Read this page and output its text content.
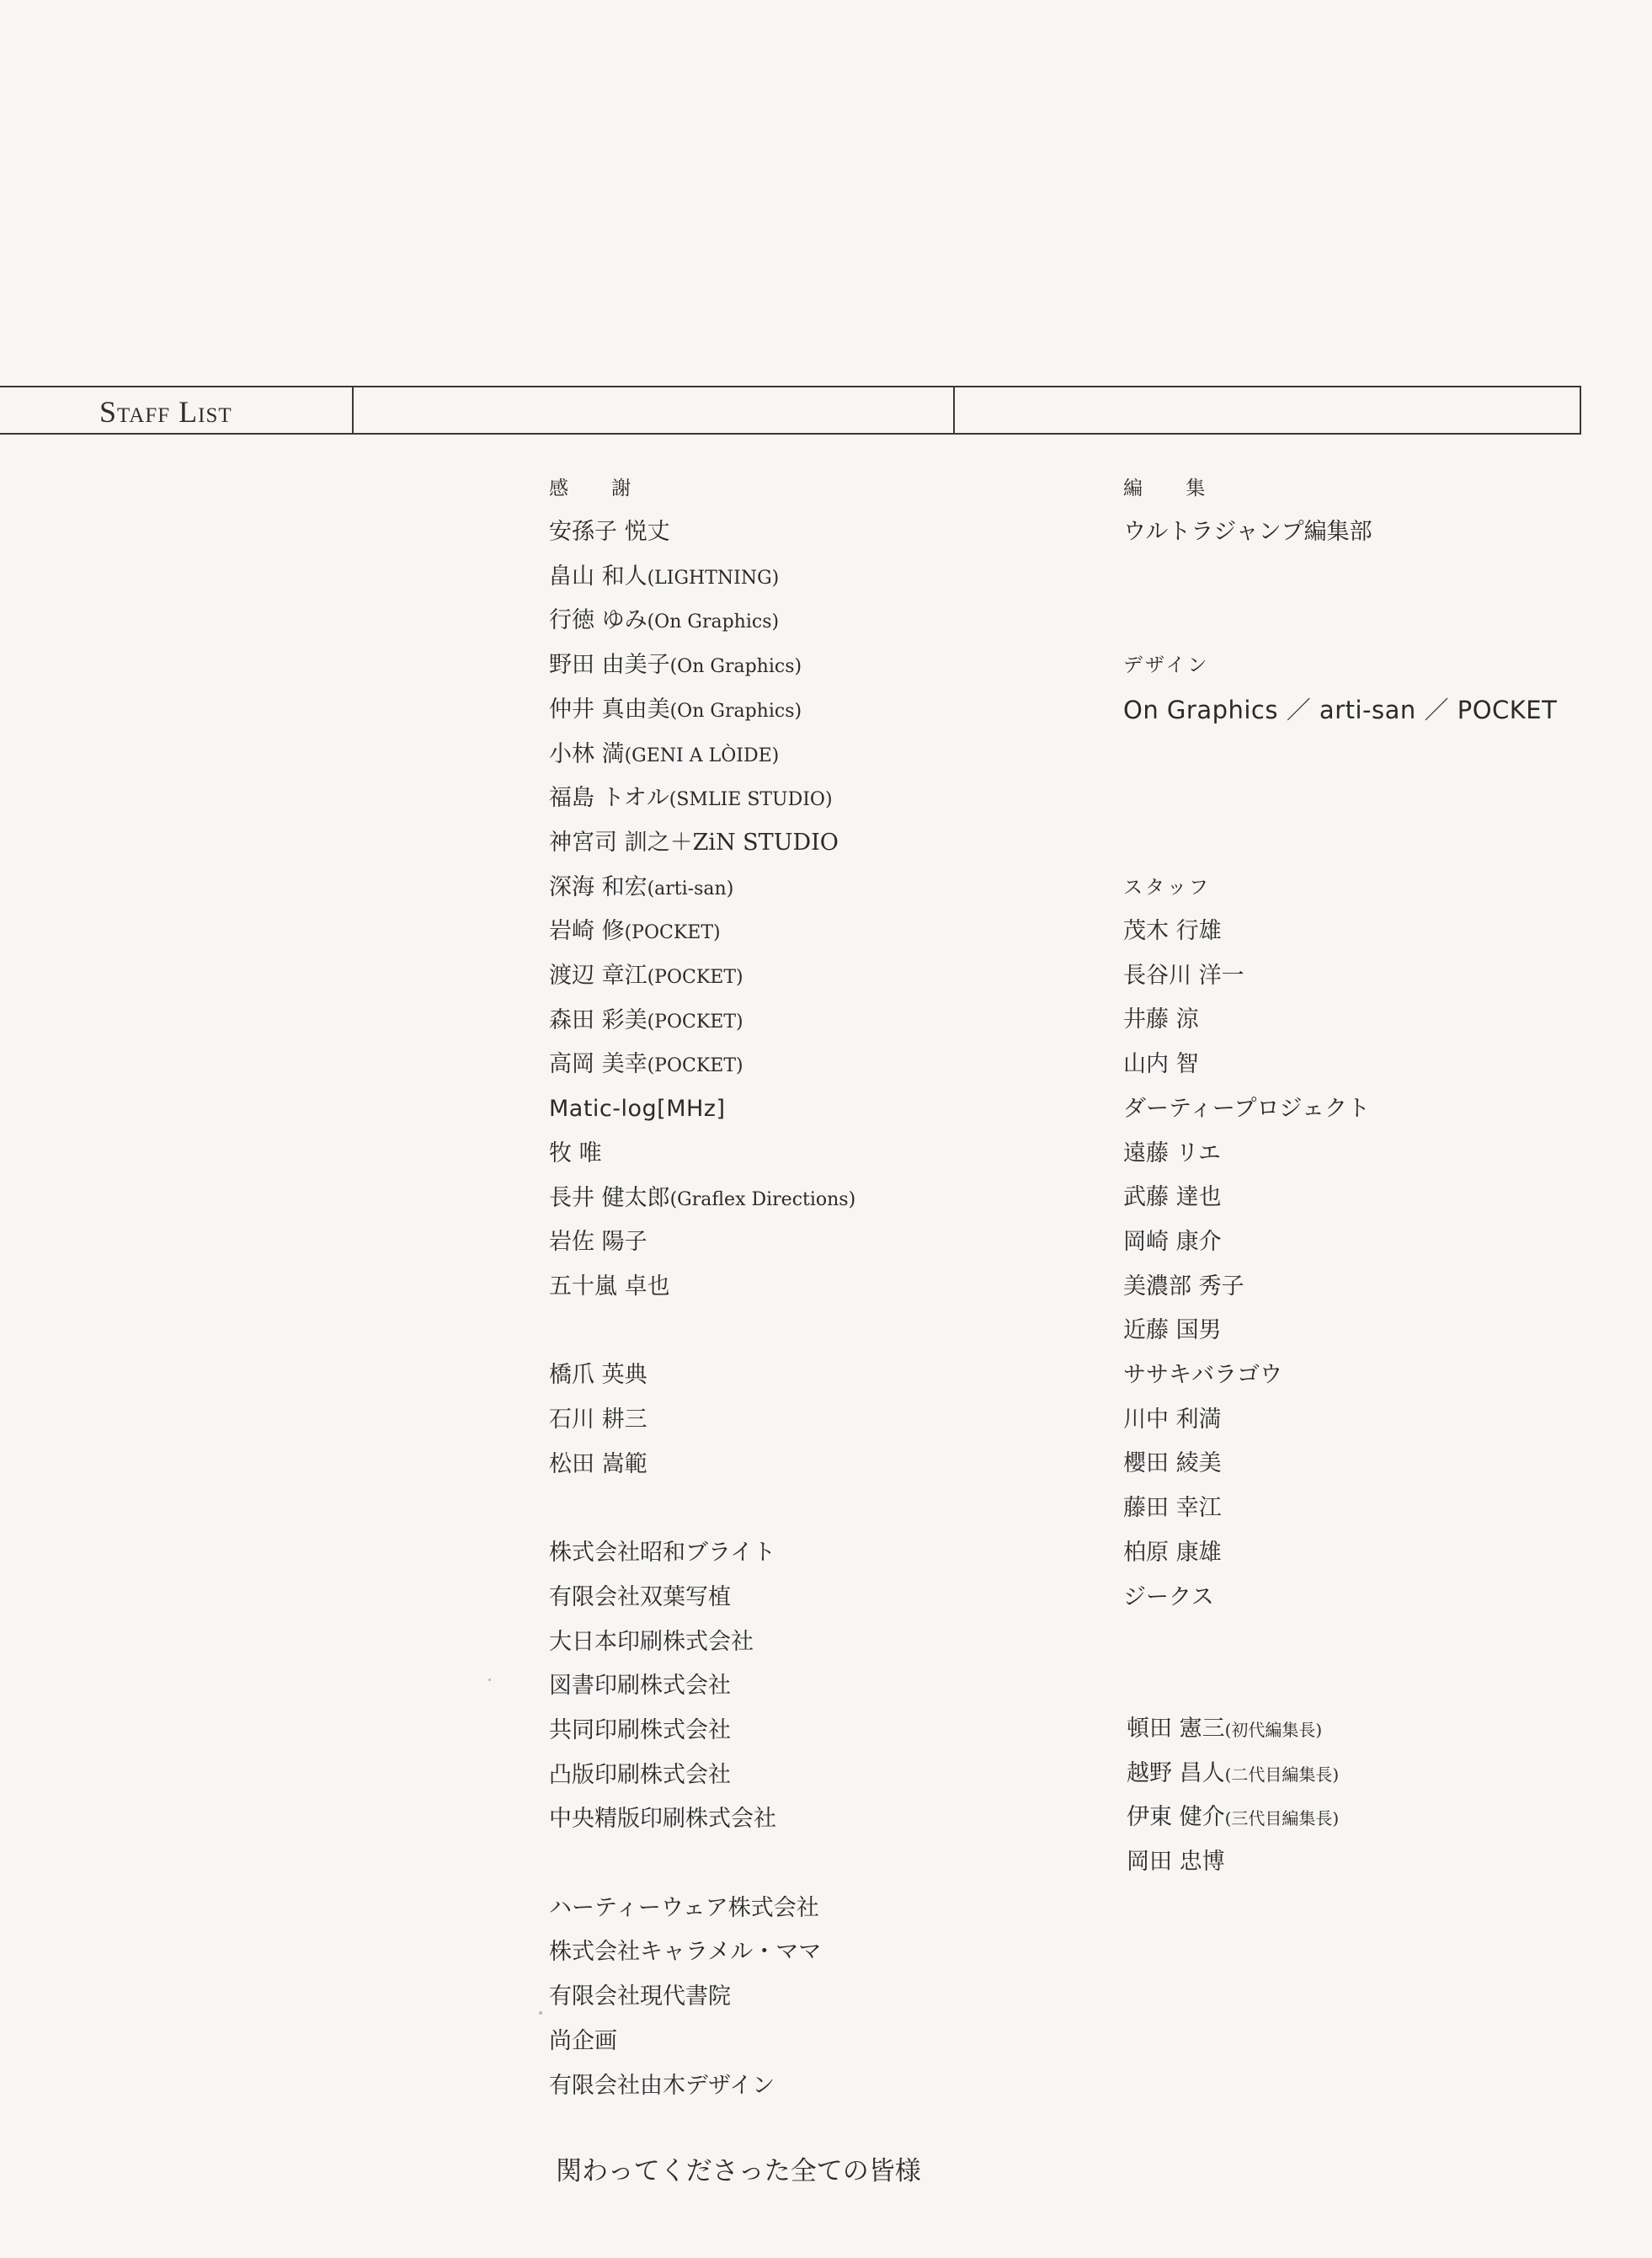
Staff List
感 謝
安孫子 悦丈
畠山 和人(LIGHTNING)
行徳 ゆみ(On Graphics)
野田 由美子(On Graphics)
仲井 真由美(On Graphics)
小林 満(GENI A LÒIDE)
福島 トオル(SMLIE STUDIO)
神宮司 訓之＋ZiN STUDIO
深海 和宏(arti-san)
岩崎 修(POCKET)
渡辺 章江(POCKET)
森田 彩美(POCKET)
高岡 美幸(POCKET)
Matic-log[MHz]
牧 唯
長井 健太郎(Graflex Directions)
岩佐 陽子
五十嵐 卓也
橋爪 英典
石川 耕三
松田 嵩範
株式会社昭和ブライト
有限会社双葉写植
大日本印刷株式会社
図書印刷株式会社
共同印刷株式会社
凸版印刷株式会社
中央精版印刷株式会社
ハーティーウェア株式会社
株式会社キャラメル・ママ
有限会社現代書院
尚企画
有限会社由木デザイン
関わってくださった全ての皆様
編 集
ウルトラジャンプ編集部
デザイン
On Graphics ／ arti-san ／ POCKET
スタッフ
茂木 行雄
長谷川 洋一
井藤 涼
山内 智
ダーティープロジェクト
遠藤 リエ
武藤 達也
岡崎 康介
美濃部 秀子
近藤 国男
ササキバラゴウ
川中 利満
櫻田 綾美
藤田 幸江
柏原 康雄
ジークス
頓田 憲三(初代編集長)
越野 昌人(二代目編集長)
伊東 健介(三代目編集長)
岡田 忠博
